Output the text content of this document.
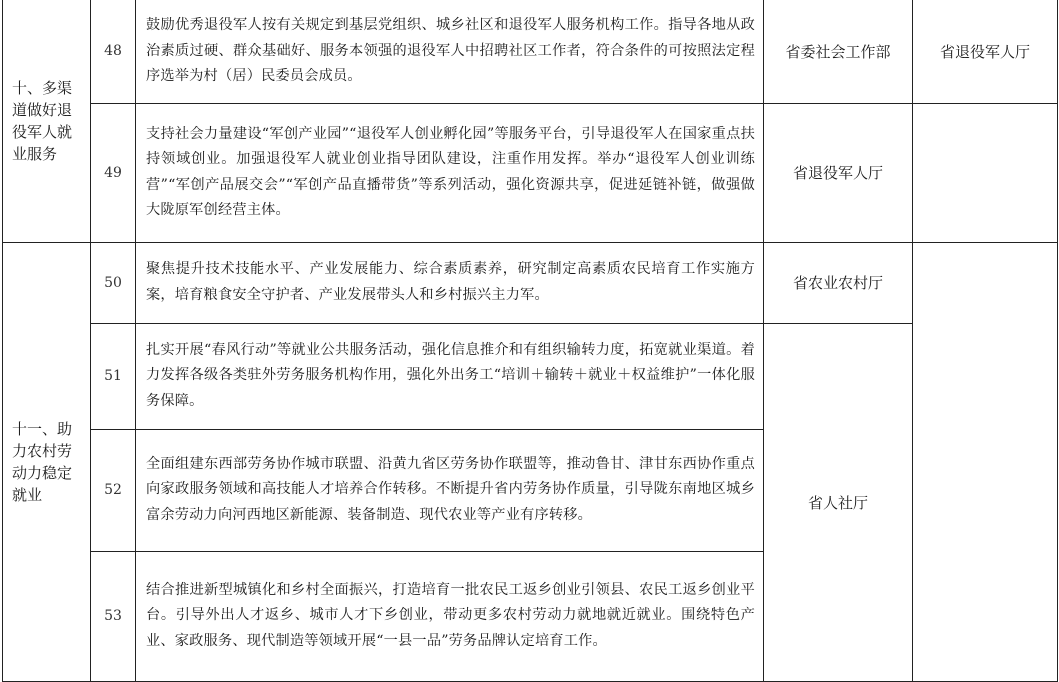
十、多渠
道做好退
役军人就
业服务	48	鼓励优秀退役军人按有关规定到基层党组织、城乡社区和退役军人服务机构工作。指导各地从政治素质过硬、群众基础好、服务本领强的退役军人中招聘社区工作者，符合条件的可按照法定程序选举为村（居）民委员会成员。	省委社会工作部	省退役军人厅
	49	支持社会力量建设“军创产业园”“退役军人创业孵化园”等服务平台，引导退役军人在国家重点扶持领域创业。加强退役军人就业创业指导团队建设，注重作用发挥。举办“退役军人创业训练营”“军创产品展交会”“军创产品直播带货”等系列活动，强化资源共享，促进延链补链，做强做大陇原军创经营主体。	省退役军人厅	

十一、助
力农村劳
动力稳定
就业	50	聚焦提升技术技能水平、产业发展能力、综合素质素养，研究制定高素质农民培育工作实施方案，培育粮食安全守护者、产业发展带头人和乡村振兴主力军。	省农业农村厅	
	51	扎实开展“春风行动”等就业公共服务活动，强化信息推介和有组织输转力度，拓宽就业渠道。着力发挥各级各类驻外劳务服务机构作用，强化外出务工“培训＋输转＋就业＋权益维护”一体化服务保障。	省人社厅	
	52	全面组建东西部劳务协作城市联盟、沿黄九省区劳务协作联盟等，推动鲁甘、津甘东西协作重点向家政服务领域和高技能人才培养合作转移。不断提升省内劳务协作质量，引导陇东南地区城乡富余劳动力向河西地区新能源、装备制造、现代农业等产业有序转移。		
	53	结合推进新型城镇化和乡村全面振兴，打造培育一批农民工返乡创业引领县、农民工返乡创业平台。引导外出人才返乡、城市人才下乡创业，带动更多农村劳动力就地就近就业。围绕特色产业、家政服务、现代制造等领域开展“一县一品”劳务品牌认定培育工作。		
